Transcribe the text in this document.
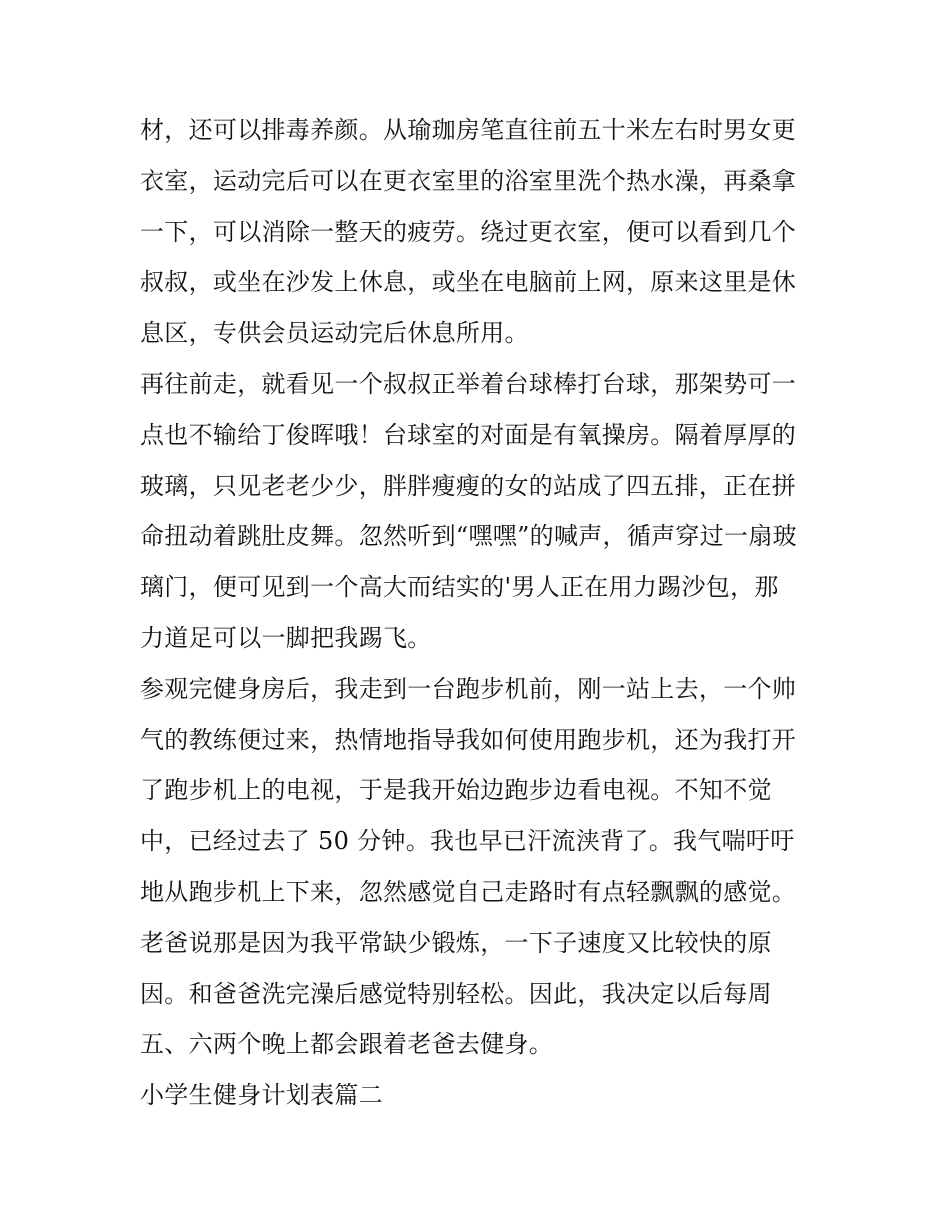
材，还可以排毒养颜。从瑜珈房笔直往前五十米左右时男女更
衣室，运动完后可以在更衣室里的浴室里洗个热水澡，再桑拿
一下，可以消除一整天的疲劳。绕过更衣室，便可以看到几个
叔叔，或坐在沙发上休息，或坐在电脑前上网，原来这里是休
息区，专供会员运动完后休息所用。
再往前走，就看见一个叔叔正举着台球棒打台球，那架势可一
点也不输给丁俊晖哦！台球室的对面是有氧操房。隔着厚厚的
玻璃，只见老老少少，胖胖瘦瘦的女的站成了四五排，正在拼
命扭动着跳肚皮舞。忽然听到“嘿嘿”的喊声，循声穿过一扇玻
璃门，便可见到一个高大而结实的'男人正在用力踢沙包，那
力道足可以一脚把我踢飞。
参观完健身房后，我走到一台跑步机前，刚一站上去，一个帅
气的教练便过来，热情地指导我如何使用跑步机，还为我打开
了跑步机上的电视，于是我开始边跑步边看电视。不知不觉
中，已经过去了 50 分钟。我也早已汗流浃背了。我气喘吁吁
地从跑步机上下来，忽然感觉自己走路时有点轻飘飘的感觉。
老爸说那是因为我平常缺少锻炼，一下子速度又比较快的原
因。和爸爸洗完澡后感觉特别轻松。因此，我决定以后每周
五、六两个晚上都会跟着老爸去健身。
小学生健身计划表篇二
